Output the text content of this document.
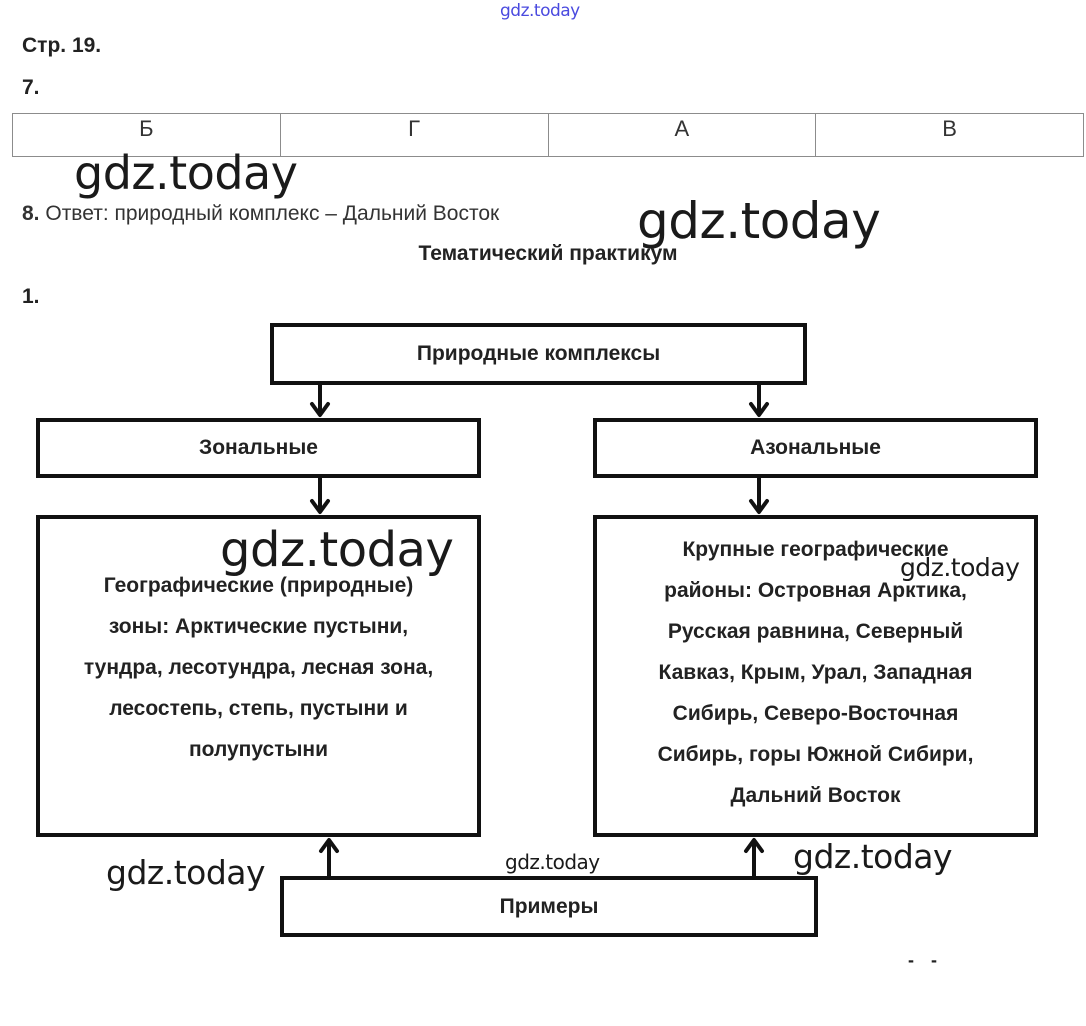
gdz.today
Стр. 19.
7.
Б	Г	А	В
8. Ответ: природный комплекс – Дальний Восток
Тематический практикум
1.
Природные комплексы
Зональные	Азональные
Географические (природные)
зоны: Арктические пустыни,
тундра, лесотундра, лесная зона,
лесостепь, степь, пустыни и
полупустыни
Крупные географические
районы: Островная Арктика,
Русская равнина, Северный
Кавказ, Крым, Урал, Западная
Сибирь, Северо-Восточная
Сибирь, горы Южной Сибири,
Дальний Восток
Примеры
gdz.today
gdz.today
gdz.today	gdz.today
gdz.today	gdz.today	gdz.today
- -
